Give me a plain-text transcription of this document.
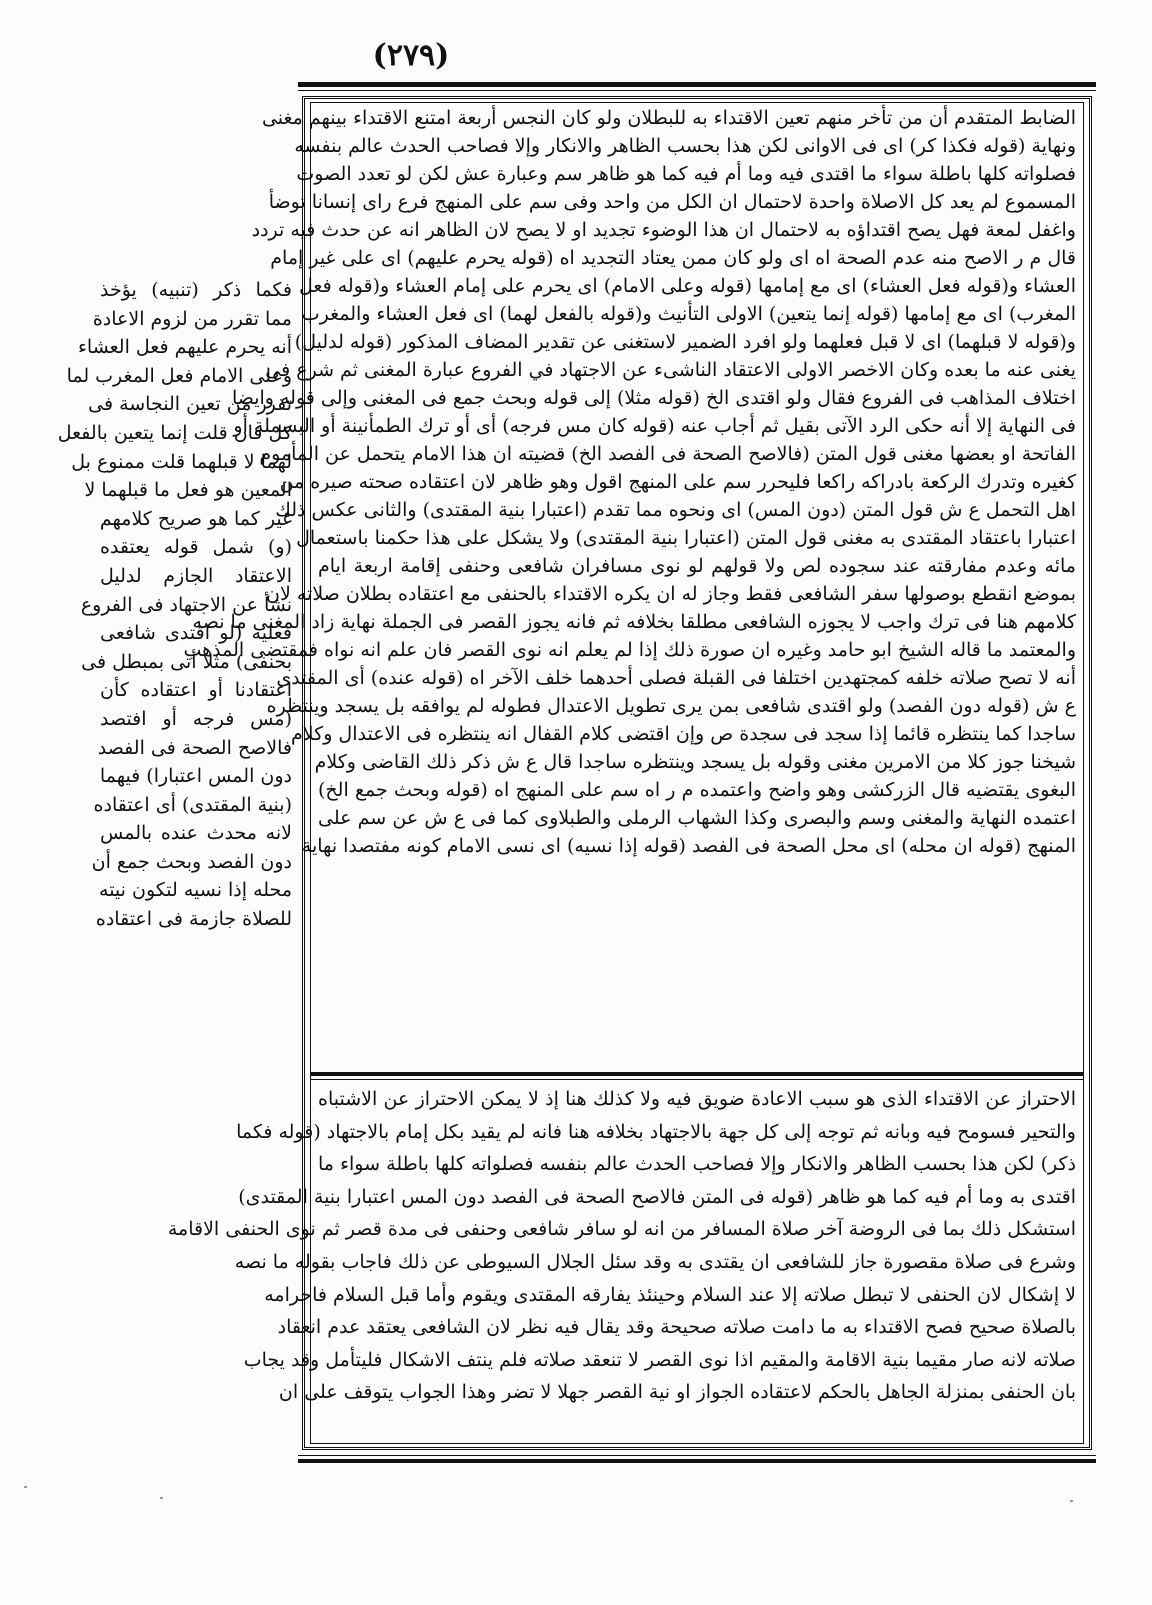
(٢٧٩)
الضابط المتقدم أن من تأخر منهم تعين الاقتداء به للبطلان ولو كان النجس أربعة امتنع الاقتداء بينهم مغنى
ونهاية (قوله فكذا كر) اى فى الاوانى لكن هذا بحسب الظاهر والانكار وإلا فصاحب الحدث عالم بنفسه
فصلواته كلها باطلة سواء ما اقتدى فيه وما أم فيه كما هو ظاهر سم وعبارة عش لكن لو تعدد الصوت
المسموع لم يعد كل الاصلاة واحدة لاحتمال ان الكل من واحد وفى سم على المنهج فرع راى إنسانا توضأ
واغفل لمعة فهل يصح اقتداؤه به لاحتمال ان هذا الوضوء تجديد او لا يصح لان الظاهر انه عن حدث فيه تردد
قال م ر الاصح منه عدم الصحة اه اى ولو كان ممن يعتاد التجديد اه (قوله يحرم عليهم) اى على غير إمام
العشاء و(قوله فعل العشاء) اى مع إمامها (قوله وعلى الامام) اى يحرم على إمام العشاء و(قوله فعل
المغرب) اى مع إمامها (قوله إنما يتعين) الاولى التأنيث و(قوله بالفعل لهما) اى فعل العشاء والمغرب
و(قوله لا قبلهما) اى لا قبل فعلهما ولو افرد الضمير لاستغنى عن تقدير المضاف المذكور (قوله لدليل)
يغنى عنه ما بعده وكان الاخصر الاولى الاعتقاد الناشىء عن الاجتهاد في الفروع عبارة المغنى ثم شرع فى
اختلاف المذاهب فى الفروع فقال ولو اقتدى الخ (قوله مثلا) إلى قوله وبحث جمع فى المغنى وإلى قوله وايضا
فى النهاية إلا أنه حكى الرد الآتى بقيل ثم أجاب عنه (قوله كان مس فرجه) أى أو ترك الطمأنينة أو البسملة أو
الفاتحة او بعضها مغنى قول المتن (فالاصح الصحة فى الفصد الخ) قضيته ان هذا الامام يتحمل عن المأموم
كغيره وتدرك الركعة بادراكه راكعا فليحرر سم على المنهج اقول وهو ظاهر لان اعتقاده صحته صيره من
اهل التحمل ع ش قول المتن (دون المس) اى ونحوه مما تقدم (اعتبارا بنية المقتدى) والثانى عكس ذلك
اعتبارا باعتقاد المقتدى به مغنى قول المتن (اعتبارا بنية المقتدى) ولا يشكل على هذا حكمنا باستعمال
مائه وعدم مفارقته عند سجوده لص ولا قولهم لو نوى مسافران شافعى وحنفى إقامة اربعة ايام
بموضع انقطع بوصولها سفر الشافعى فقط وجاز له ان يكره الاقتداء بالحنفى مع اعتقاده بطلان صلاته لان
كلامهم هنا فى ترك واجب لا يجوزه الشافعى مطلقا بخلافه ثم فانه يجوز القصر فى الجملة نهاية زاد المغنى ما نصه
والمعتمد ما قاله الشيخ ابو حامد وغيره ان صورة ذلك إذا لم يعلم انه نوى القصر فان علم انه نواه فمقتضى المذهب
أنه لا تصح صلاته خلفه كمجتهدين اختلفا فى القبلة فصلى أحدهما خلف الآخر اه (قوله عنده) أى المقتدى
ع ش (قوله دون الفصد) ولو اقتدى شافعى بمن يرى تطويل الاعتدال فطوله لم يوافقه بل يسجد وينتظره
ساجدا كما ينتظره قائما إذا سجد فى سجدة ص وإن اقتضى كلام القفال انه ينتظره فى الاعتدال وكلام
شيخنا جوز كلا من الامرين مغنى وقوله بل يسجد وينتظره ساجدا قال ع ش ذكر ذلك القاضى وكلام
البغوى يقتضيه قال الزركشى وهو واضح واعتمده م ر اه سم على المنهج اه (قوله وبحث جمع الخ)
اعتمده النهاية والمغنى وسم والبصرى وكذا الشهاب الرملى والطبلاوى كما فى ع ش عن سم على
المنهج (قوله ان محله) اى محل الصحة فى الفصد (قوله إذا نسيه) اى نسى الامام كونه مفتصدا نهاية
الاحتراز عن الاقتداء الذى هو سبب الاعادة ضويق فيه ولا كذلك هنا إذ لا يمكن الاحتراز عن الاشتباه
والتحير فسومح فيه وبانه ثم توجه إلى كل جهة بالاجتهاد بخلافه هنا فانه لم يقيد بكل إمام بالاجتهاد (قوله فكما
ذكر) لكن هذا بحسب الظاهر والانكار وإلا فصاحب الحدث عالم بنفسه فصلواته كلها باطلة سواء ما
اقتدى به وما أم فيه كما هو ظاهر (قوله فى المتن فالاصح الصحة فى الفصد دون المس اعتبارا بنية المقتدى)
استشكل ذلك بما فى الروضة آخر صلاة المسافر من انه لو سافر شافعى وحنفى فى مدة قصر ثم نوى الحنفى الاقامة
وشرع فى صلاة مقصورة جاز للشافعى ان يقتدى به وقد سئل الجلال السيوطى عن ذلك فاجاب بقوله ما نصه
لا إشكال لان الحنفى لا تبطل صلاته إلا عند السلام وحينئذ يفارقه المقتدى ويقوم وأما قبل السلام فاحرامه
بالصلاة صحيح فصح الاقتداء به ما دامت صلاته صحيحة وقد يقال فيه نظر لان الشافعى يعتقد عدم انعقاد
صلاته لانه صار مقيما بنية الاقامة والمقيم اذا نوى القصر لا تنعقد صلاته فلم ينتف الاشكال فليتأمل وقد يجاب
بان الحنفى بمنزلة الجاهل بالحكم لاعتقاده الجواز او نية القصر جهلا لا تضر وهذا الجواب يتوقف على ان
فكما ذكر (تنبيه) يؤخذ
مما تقرر من لزوم الاعادة
أنه يحرم عليهم فعل العشاء
وعلى الامام فعل المغرب لما
تقرر من تعين النجاسة فى
كل فان قلت إنما يتعين بالفعل
لهما لا قبلهما قلت ممنوع بل
المعين هو فعل ما قبلهما لا
غير كما هو صريح كلامهم
(و) شمل قوله يعتقده
الاعتقاد الجازم لدليل
نشأ عن الاجتهاد فى الفروع
فعليه (لو اقتدى شافعى
بحنفى) مثلا أتى بمبطل فى
اعتقادنا أو اعتقاده كأن
(مس فرجه أو افتصد
فالاصح الصحة فى الفصد
دون المس اعتبارا) فيهما
(بنية المقتدى) أى اعتقاده
لانه محدث عنده بالمس
دون الفصد وبحث جمع أن
محله إذا نسيه لتكون نيته
للصلاة جازمة فى اعتقاده
